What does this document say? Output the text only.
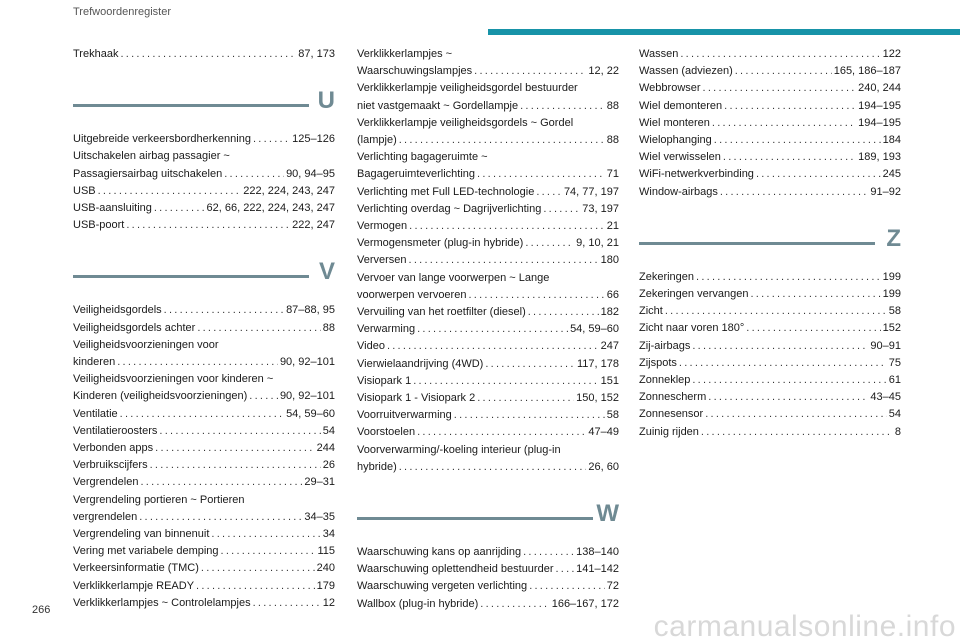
Trefwoordenregister
Trekhaak . . .	87, 173
U
Uitgebreide verkeersbordherkenning . . .	125–126
Uitschakelen airbag passagier ~
Passagiersairbag uitschakelen . . .	90, 94–95
USB . . .	222, 224, 243, 247
USB-aansluiting . . .	62, 66, 222, 224, 243, 247
USB-poort . . .	222, 247
V
Veiligheidsgordels . . .	87–88, 95
Veiligheidsgordels achter . . .	88
Veiligheidsvoorzieningen voor
kinderen . . .	90, 92–101
Veiligheidsvoorzieningen voor kinderen ~
Kinderen (veiligheidsvoorzieningen) . . .	90, 92–101
Ventilatie . . .	54, 59–60
Ventilatieroosters . . .	54
Verbonden apps . . .	244
Verbruikscijfers . . .	26
Vergrendelen . . .	29–31
Vergrendeling portieren ~ Portieren
vergrendelen . . .	34–35
Vergrendeling van binnenuit . . .	34
Vering met variabele demping . . .	115
Verkeersinformatie (TMC) . . .	240
Verklikkerlampje READY . . .	179
Verklikkerlampjes ~ Controlelampjes . . .	12
Verklikkerlampjes ~
Waarschuwingslampjes . . .	12, 22
Verklikkerlampje veiligheidsgordel bestuurder
niet vastgemaakt ~ Gordellampje . . .	88
Verklikkerlampje veiligheidsgordels ~ Gordel
(lampje) . . .	88
Verlichting bagageruimte ~
Bagageruimteverlichting . . .	71
Verlichting met Full LED-technologie . . .	74, 77, 197
Verlichting overdag ~ Dagrijverlichting . . .	73, 197
Vermogen . . .	21
Vermogensmeter (plug-in hybride) . . .	9, 10, 21
Verversen . . .	180
Vervoer van lange voorwerpen ~ Lange
voorwerpen vervoeren . . .	66
Vervuiling van het roetfilter (diesel) . . .	182
Verwarming . . .	54, 59–60
Video . . .	247
Vierwielaandrijving (4WD) . . .	117, 178
Visiopark 1 . . .	151
Visiopark 1 - Visiopark 2 . . .	150, 152
Voorruitverwarming . . .	58
Voorstoelen . . .	47–49
Voorverwarming/-koeling interieur (plug-in
hybride) . . .	26, 60
W
Waarschuwing kans op aanrijding . . .	138–140
Waarschuwing oplettendheid bestuurder . . . 141–142
Waarschuwing vergeten verlichting . . .	72
Wallbox (plug-in hybride) . . .	166–167, 172
Wassen . . .	122
Wassen (adviezen) . . .	165, 186–187
Webbrowser . . .	240, 244
Wiel demonteren . . .	194–195
Wiel monteren . . .	194–195
Wielophanging . . .	184
Wiel verwisselen . . .	189, 193
WiFi-netwerkverbinding . . .	245
Window-airbags . . .	91–92
Z
Zekeringen . . .	199
Zekeringen vervangen . . .	199
Zicht . . .	58
Zicht naar voren 180° . . .	152
Zij-airbags . . .	90–91
Zijspots . . .	75
Zonneklep . . .	61
Zonnescherm . . .	43–45
Zonnesensor . . .	54
Zuinig rijden . . .	8
266	carmanualsonline.info
